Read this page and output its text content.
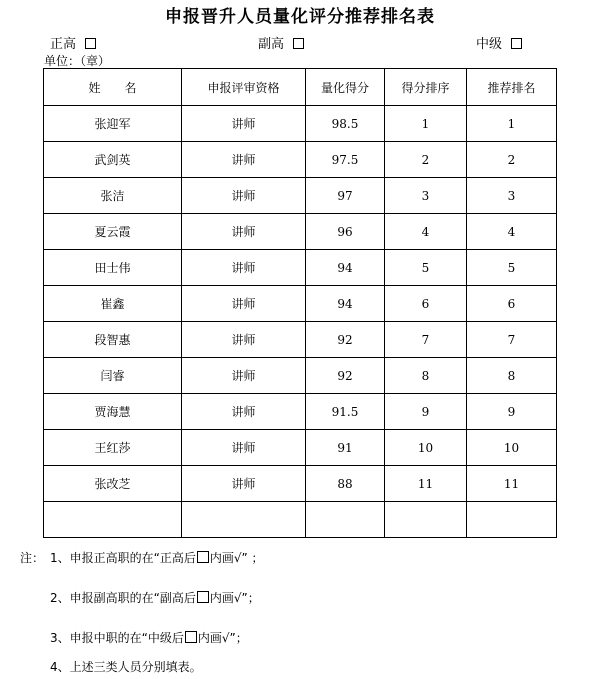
申报晋升人员量化评分推荐排名表
正高	副高	中级
单位：（章）
姓　　名	申报评审资格	量化得分	得分排序	推荐排名
张迎军	讲师	98.5	1	1
武剑英	讲师	97.5	2	2
张洁	讲师	97	3	3
夏云霞	讲师	96	4	4
田士伟	讲师	94	5	5
崔鑫	讲师	94	6	6
段智惠	讲师	92	7	7
闫睿	讲师	92	8	8
贾海慧	讲师	91.5	9	9
王红莎	讲师	91	10	10
张改芝	讲师	88	11	11

注： 1、申报正高职的在“正高后 内画√” ；
2、申报副高职的在“副高后 内画√”；
3、申报中职的在“中级后 内画√”；
4、上述三类人员分别填表。
